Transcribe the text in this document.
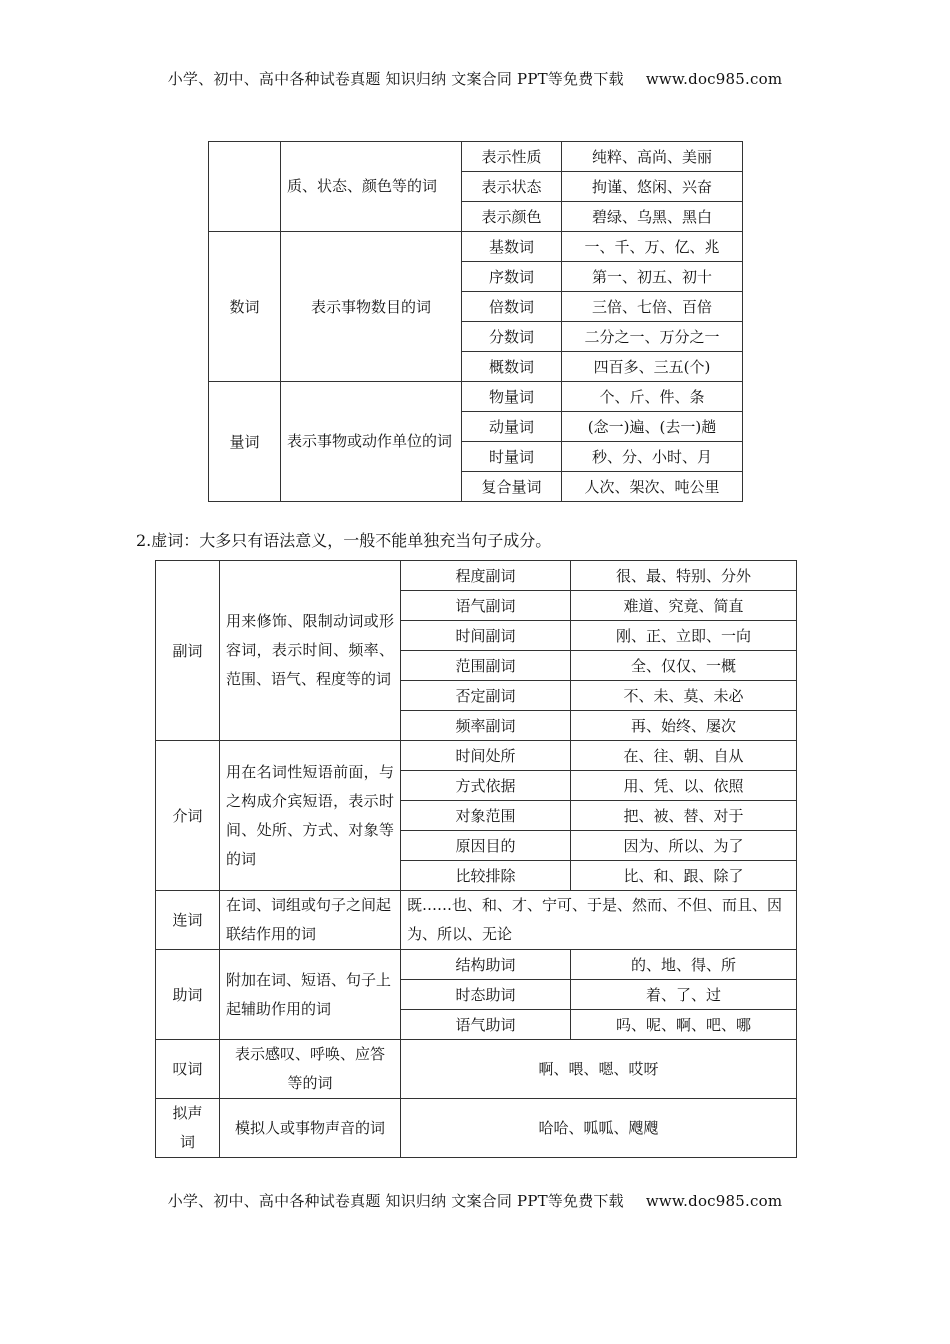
小学、初中、高中各种试卷真题 知识归纳 文案合同 PPT等免费下载 www.doc985.com
	质、状态、颜色等的词	表示性质	纯粹、高尚、美丽
		表示状态	拘谨、悠闲、兴奋
		表示颜色	碧绿、乌黑、黑白
数词	表示事物数目的词	基数词	一、千、万、亿、兆
		序数词	第一、初五、初十
		倍数词	三倍、七倍、百倍
		分数词	二分之一、万分之一
		概数词	四百多、三五(个)
量词	表示事物或动作单位的词	物量词	个、斤、件、条
		动量词	(念一)遍、(去一)趟
		时量词	秒、分、小时、月
		复合量词	人次、架次、吨公里
2.虚词：大多只有语法意义，一般不能单独充当句子成分。
副词	用来修饰、限制动词或形容词，表示时间、频率、范围、语气、程度等的词	程度副词	很、最、特别、分外
		语气副词	难道、究竟、简直
		时间副词	刚、正、立即、一向
		范围副词	全、仅仅、一概
		否定副词	不、未、莫、未必
		频率副词	再、始终、屡次
介词	用在名词性短语前面，与之构成介宾短语，表示时间、处所、方式、对象等的词	时间处所	在、往、朝、自从
		方式依据	用、凭、以、依照
		对象范围	把、被、替、对于
		原因目的	因为、所以、为了
		比较排除	比、和、跟、除了
连词	在词、词组或句子之间起联结作用的词	既……也、和、才、宁可、于是、然而、不但、而且、因为、所以、无论	
助词	附加在词、短语、句子上起辅助作用的词	结构助词	的、地、得、所
		时态助词	着、了、过
		语气助词	吗、呢、啊、吧、哪
叹词	表示感叹、呼唤、应答等的词	啊、喂、嗯、哎呀	
拟声词	模拟人或事物声音的词	哈哈、呱呱、飕飕	
小学、初中、高中各种试卷真题 知识归纳 文案合同 PPT等免费下载 www.doc985.com
